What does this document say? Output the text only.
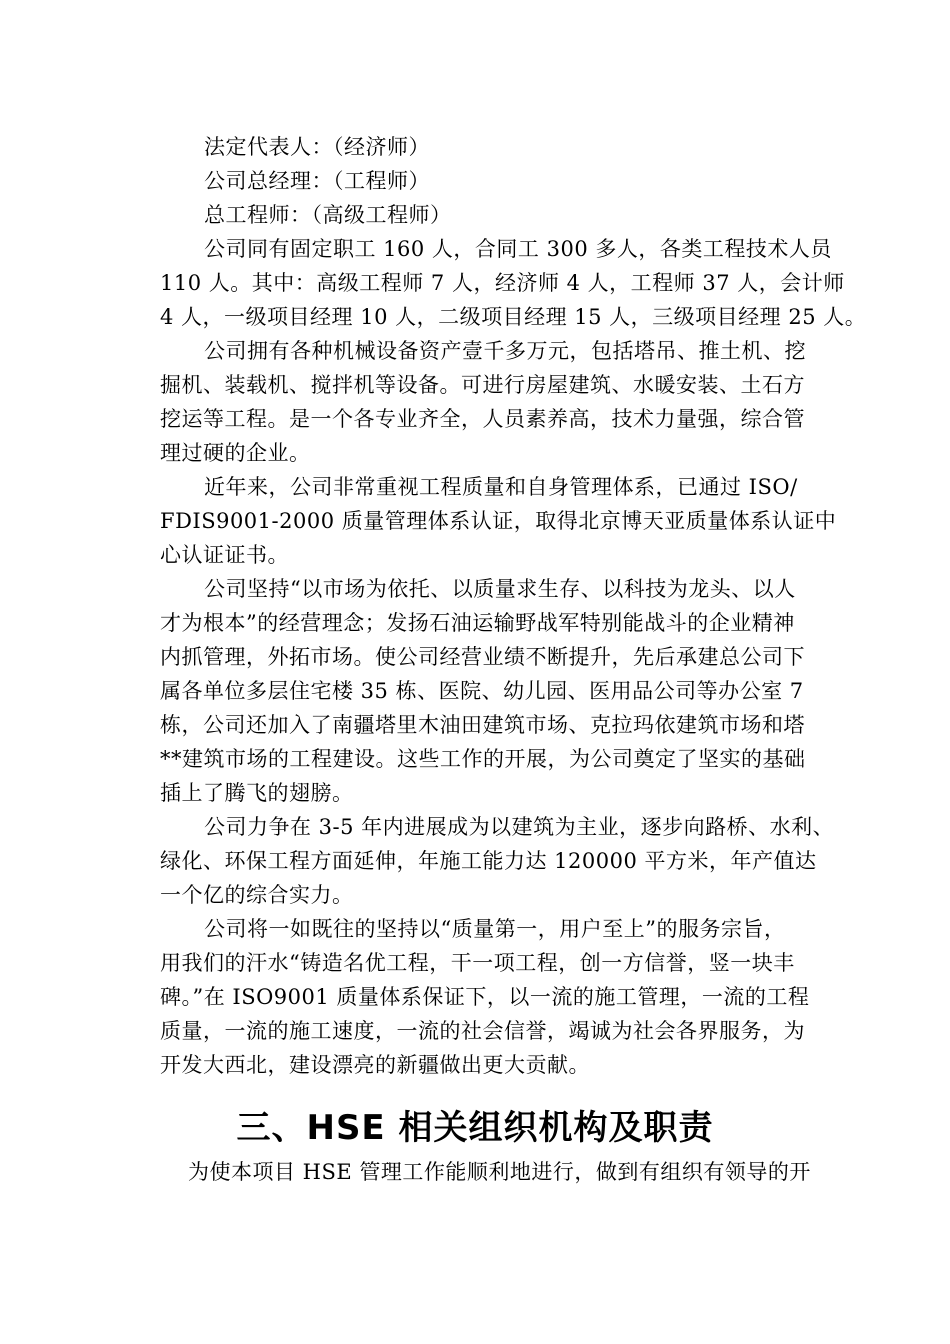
法定代表人：（经济师）
公司总经理：（工程师）
总工程师：（高级工程师）
公司同有固定职工 160 人，合同工 300 多人，各类工程技术人员
110 人。其中：高级工程师 7 人，经济师 4 人，工程师 37 人，会计师
4 人，一级项目经理 10 人，二级项目经理 15 人，三级项目经理 25 人。
公司拥有各种机械设备资产壹千多万元，包括塔吊、推土机、挖
掘机、装载机、搅拌机等设备。可进行房屋建筑、水暖安装、土石方
挖运等工程。是一个各专业齐全，人员素养高，技术力量强，综合管
理过硬的企业。
近年来，公司非常重视工程质量和自身管理体系，已通过 ISO/
FDIS9001-2000 质量管理体系认证，取得北京博天亚质量体系认证中
心认证证书。
公司坚持“以市场为依托、以质量求生存、以科技为龙头、以人
才为根本”的经营理念；发扬石油运输野战军特别能战斗的企业精神
内抓管理，外拓市场。使公司经营业绩不断提升，先后承建总公司下
属各单位多层住宅楼 35 栋、医院、幼儿园、医用品公司等办公室 7
栋，公司还加入了南疆塔里木油田建筑市场、克拉玛依建筑市场和塔
**建筑市场的工程建设。这些工作的开展，为公司奠定了坚实的基础
插上了腾飞的翅膀。
公司力争在 3-5 年内进展成为以建筑为主业，逐步向路桥、水利、
绿化、环保工程方面延伸，年施工能力达 120000 平方米，年产值达
一个亿的综合实力。
公司将一如既往的坚持以“质量第一，用户至上”的服务宗旨，
用我们的汗水“铸造名优工程，干一项工程，创一方信誉，竖一块丰
碑。”在 ISO9001 质量体系保证下，以一流的施工管理，一流的工程
质量，一流的施工速度，一流的社会信誉，竭诚为社会各界服务，为
开发大西北，建设漂亮的新疆做出更大贡献。
三、HSE 相关组织机构及职责
为使本项目 HSE 管理工作能顺利地进行，做到有组织有领导的开
